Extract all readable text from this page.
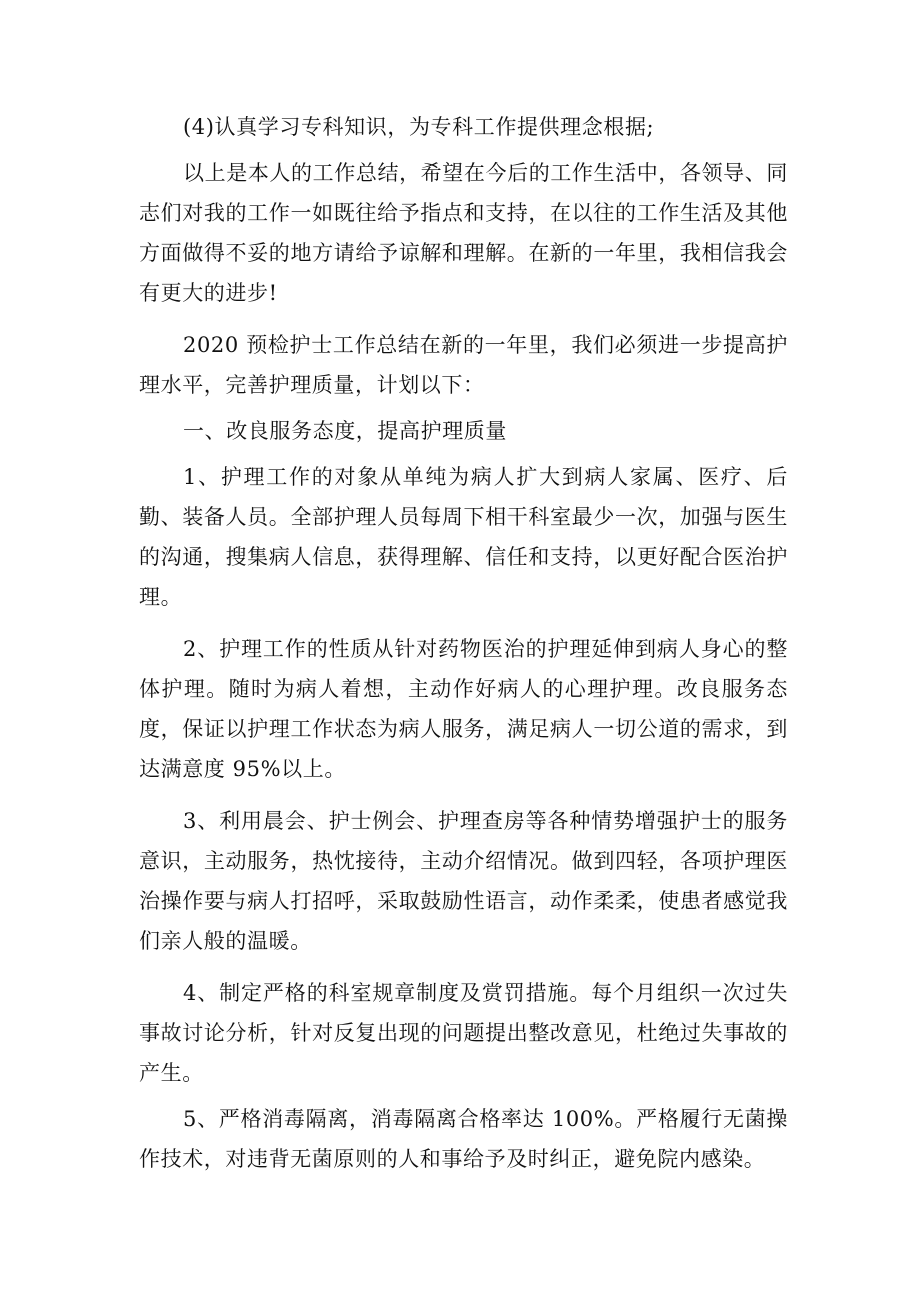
(4)认真学习专科知识，为专科工作提供理念根据;

以上是本人的工作总结，希望在今后的工作生活中，各领导、同志们对我的工作一如既往给予指点和支持，在以往的工作生活及其他方面做得不妥的地方请给予谅解和理解。在新的一年里，我相信我会有更大的进步!

2020 预检护士工作总结在新的一年里，我们必须进一步提高护理水平，完善护理质量，计划以下：

一、改良服务态度，提高护理质量

1、护理工作的对象从单纯为病人扩大到病人家属、医疗、后勤、装备人员。全部护理人员每周下相干科室最少一次，加强与医生的沟通，搜集病人信息，获得理解、信任和支持，以更好配合医治护理。

2、护理工作的性质从针对药物医治的护理延伸到病人身心的整体护理。随时为病人着想，主动作好病人的心理护理。改良服务态度，保证以护理工作状态为病人服务，满足病人一切公道的需求，到达满意度 95%以上。

3、利用晨会、护士例会、护理查房等各种情势增强护士的服务意识，主动服务，热忱接待，主动介绍情况。做到四轻，各项护理医治操作要与病人打招呼，采取鼓励性语言，动作柔柔，使患者感觉我们亲人般的温暖。

4、制定严格的科室规章制度及赏罚措施。每个月组织一次过失事故讨论分析，针对反复出现的问题提出整改意见，杜绝过失事故的产生。

5、严格消毒隔离，消毒隔离合格率达 100%。严格履行无菌操作技术，对违背无菌原则的人和事给予及时纠正，避免院内感染。
